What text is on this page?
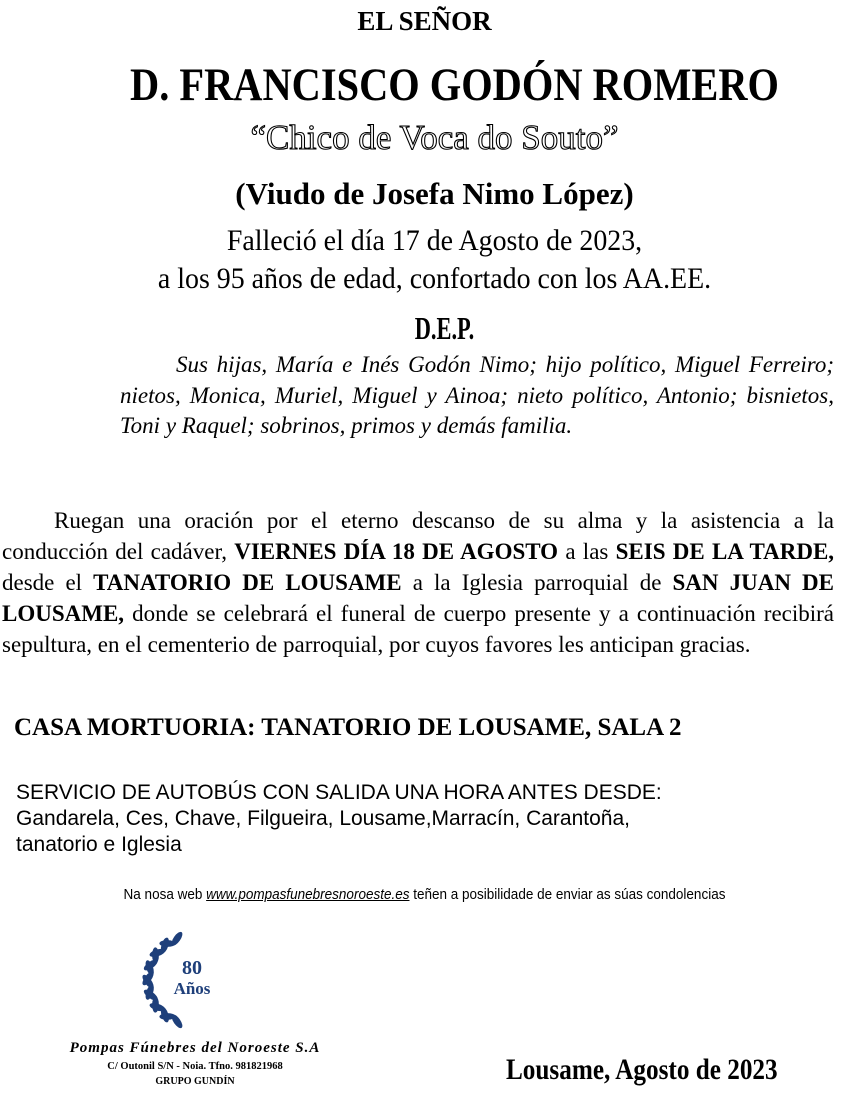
EL SEÑOR
D. FRANCISCO GODÓN ROMERO
“Chico de Voca do Souto”
(Viudo de Josefa Nimo López)
Falleció el día 17 de Agosto de 2023,
a los 95 años de edad, confortado con los AA.EE.
D.E.P.
Sus hijas, María e Inés Godón Nimo; hijo político, Miguel Ferreiro; nietos, Monica, Muriel, Miguel y Ainoa; nieto político, Antonio; bisnietos, Toni y Raquel; sobrinos, primos y demás familia.
Ruegan una oración por el eterno descanso de su alma y la asistencia a la conducción del cadáver, VIERNES DÍA 18 DE AGOSTO a las SEIS DE LA TARDE, desde el TANATORIO DE LOUSAME a la Iglesia parroquial de SAN JUAN DE LOUSAME, donde se celebrará el funeral de cuerpo presente y a continuación recibirá sepultura, en el cementerio de parroquial, por cuyos favores les anticipan gracias.
CASA MORTUORIA: TANATORIO DE LOUSAME, SALA 2
SERVICIO DE AUTOBÚS CON SALIDA UNA HORA ANTES DESDE:
Gandarela, Ces, Chave, Filgueira, Lousame,Marracín, Carantoña,
tanatorio e Iglesia
Na nosa web www.pompasfunebresnoroeste.es teñen a posibilidade de enviar as súas condolencias
80
Años
Pompas Fúnebres del Noroeste S.A
C/ Outonil S/N - Noia. Tfno. 981821968
GRUPO GUNDÍN	Lousame, Agosto de 2023
